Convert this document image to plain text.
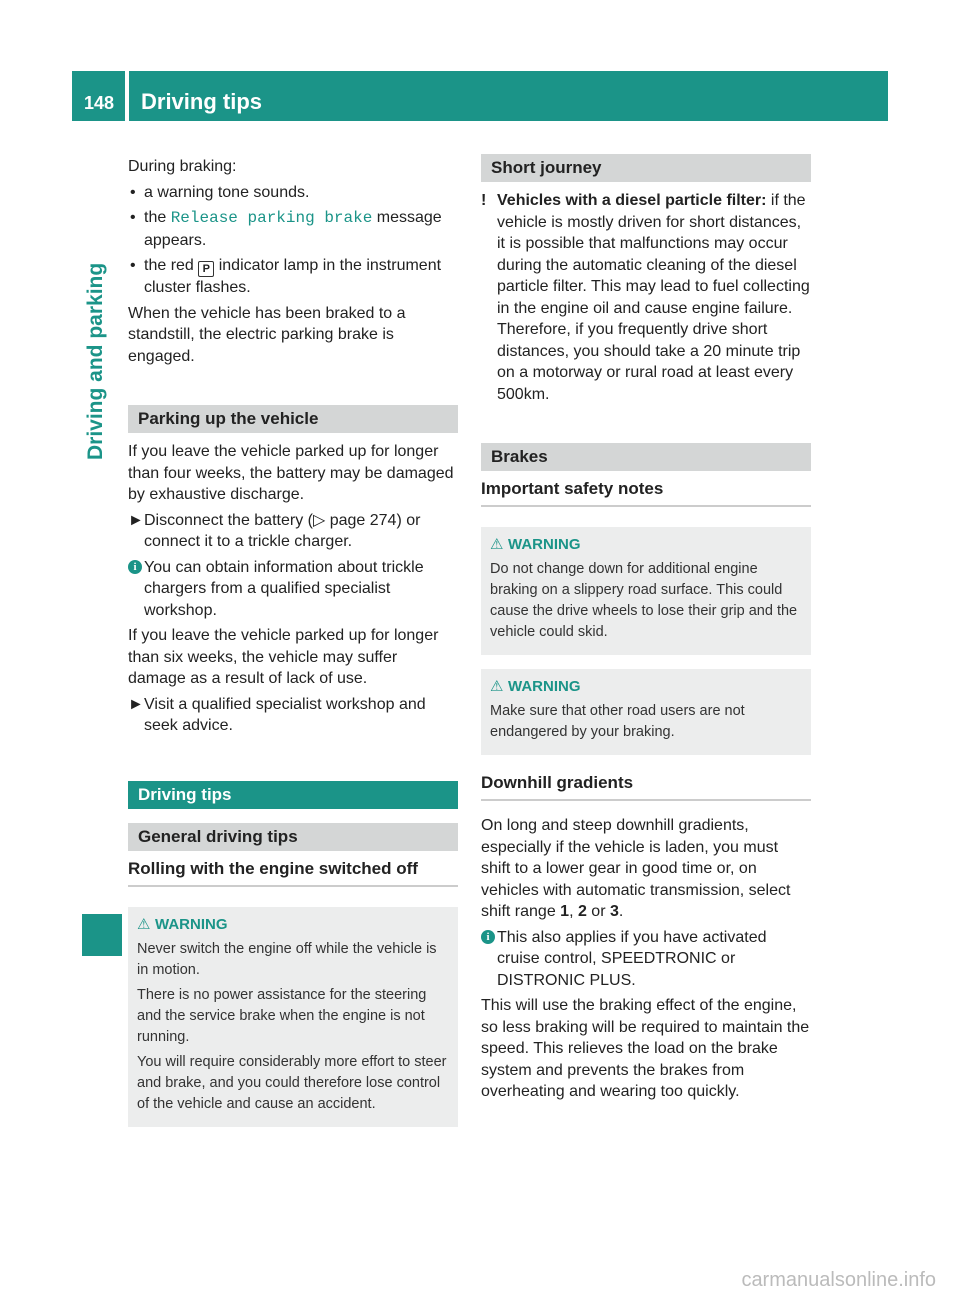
148 Driving tips
Driving and parking

During braking:

• a warning tone sounds.
• the Release parking brake message appears.
• the red P indicator lamp in the instrument cluster flashes.

When the vehicle has been braked to a standstill, the electric parking brake is engaged.

Parking up the vehicle

If you leave the vehicle parked up for longer than four weeks, the battery may be damaged by exhaustive discharge.

► Disconnect the battery (▷ page 274) or connect it to a trickle charger.
i You can obtain information about trickle chargers from a qualified specialist workshop.

If you leave the vehicle parked up for longer than six weeks, the vehicle may suffer damage as a result of lack of use.

► Visit a qualified specialist workshop and seek advice.
Driving tips
General driving tips
Rolling with the engine switched off
⚠ WARNING

Never switch the engine off while the vehicle is in motion.

There is no power assistance for the steering and the service brake when the engine is not running.

You will require considerably more effort to steer and brake, and you could therefore lose control of the vehicle and cause an accident.

Short journey

! Vehicles with a diesel particle filter: if the vehicle is mostly driven for short distances, it is possible that malfunctions may occur during the automatic cleaning of the diesel particle filter. This may lead to fuel collecting in the engine oil and cause engine failure. Therefore, if you frequently drive short distances, you should take a 20 minute trip on a motorway or rural road at least every 500km.

Brakes
Important safety notes
⚠ WARNING

Do not change down for additional engine braking on a slippery road surface. This could cause the drive wheels to lose their grip and the vehicle could skid.

⚠ WARNING

Make sure that other road users are not endangered by your braking.

Downhill gradients

On long and steep downhill gradients, especially if the vehicle is laden, you must shift to a lower gear in good time or, on vehicles with automatic transmission, select shift range 1, 2 or 3.

i This also applies if you have activated cruise control, SPEEDTRONIC or DISTRONIC PLUS.

This will use the braking effect of the engine, so less braking will be required to maintain the speed. This relieves the load on the brake system and prevents the brakes from overheating and wearing too quickly.

carmanualsonline.info
